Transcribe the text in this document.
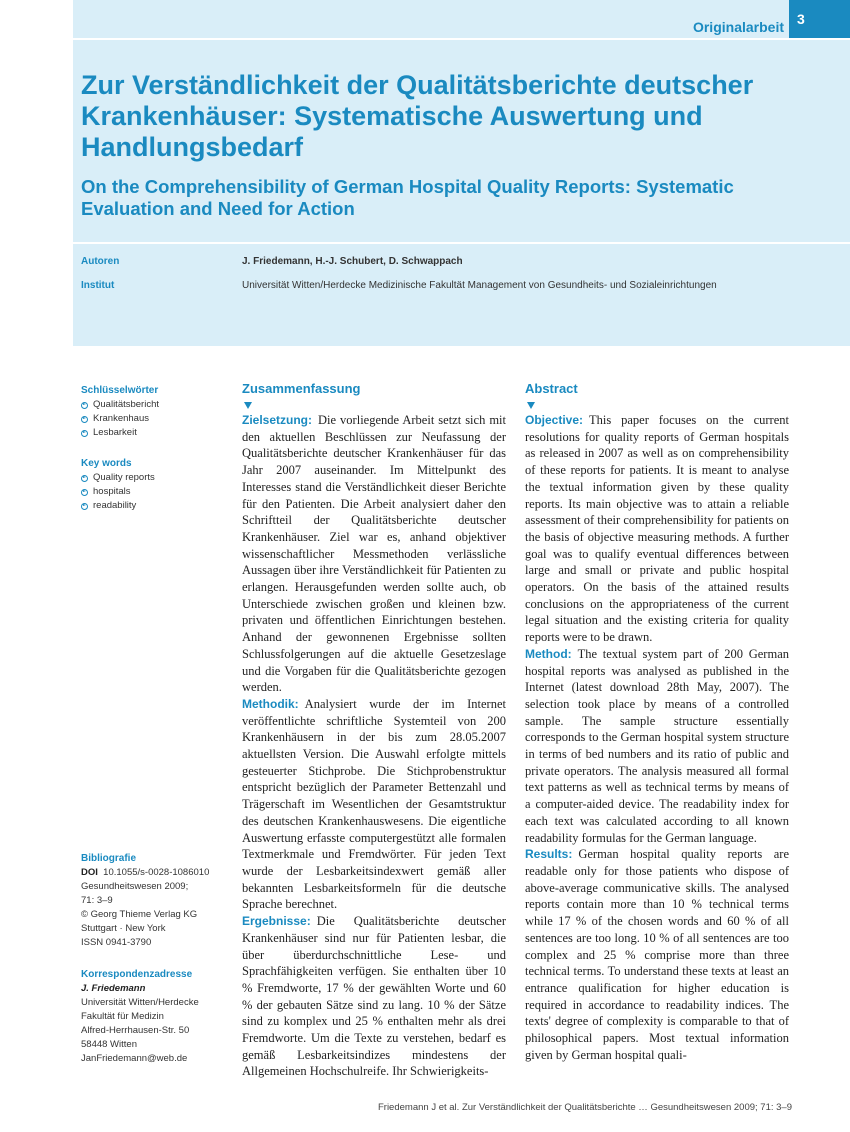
Originalarbeit 3
Zur Verständlichkeit der Qualitätsberichte deutscher Krankenhäuser: Systematische Auswertung und Handlungsbedarf
On the Comprehensibility of German Hospital Quality Reports: Systematic Evaluation and Need for Action
Autoren	J. Friedemann, H.-J. Schubert, D. Schwappach
Institut	Universität Witten/Herdecke Medizinische Fakultät Management von Gesundheits- und Sozialeinrichtungen
Schlüsselwörter
Qualitätsbericht
Krankenhaus
Lesbarkeit
Key words
Quality reports
hospitals
readability
Bibliografie
DOI 10.1055/s-0028-1086010
Gesundheitswesen 2009;
71: 3–9
© Georg Thieme Verlag KG
Stuttgart · New York
ISSN 0941-3790
Korrespondenzadresse
J. Friedemann
Universität Witten/Herdecke
Fakultät für Medizin
Alfred-Herrhausen-Str. 50
58448 Witten
JanFriedemann@web.de
Zusammenfassung

Zielsetzung: Die vorliegende Arbeit setzt sich mit den aktuellen Beschlüssen zur Neufassung der Qualitätsberichte deutscher Krankenhäuser für das Jahr 2007 auseinander. Im Mittelpunkt des Interesses stand die Verständlichkeit dieser Berichte für den Patienten. Die Arbeit analysiert daher den Schriftteil der Qualitätsberichte deutscher Krankenhäuser. Ziel war es, anhand objektiver wissenschaftlicher Messmethoden verlässliche Aussagen über ihre Verständlichkeit für Patienten zu erlangen. Herausgefunden werden sollte auch, ob Unterschiede zwischen großen und kleinen bzw. privaten und öffentlichen Einrichtungen bestehen. Anhand der gewonnenen Ergebnisse sollten Schlussfolgerungen auf die aktuelle Gesetzeslage und die Vorgaben für die Qualitätsberichte gezogen werden.

Methodik: Analysiert wurde der im Internet veröffentlichte schriftliche Systemteil von 200 Krankenhäusern in der bis zum 28.05.2007 aktuellsten Version. Die Auswahl erfolgte mittels gesteuerter Stichprobe. Die Stichprobenstruktur entspricht bezüglich der Parameter Bettenzahl und Trägerschaft im Wesentlichen der Gesamtstruktur des deutschen Krankenhauswesens. Die eigentliche Auswertung erfasste computergestützt alle formalen Textmerkmale und Fremdwörter. Für jeden Text wurde der Lesbarkeitsindexwert gemäß aller bekannten Lesbarkeitsformeln für die deutsche Sprache berechnet.

Ergebnisse: Die Qualitätsberichte deutscher Krankenhäuser sind nur für Patienten lesbar, die über überdurchschnittliche Lese- und Sprachfähigkeiten verfügen. Sie enthalten über 10 % Fremdworte, 17 % der gewählten Worte und 60 % der gebauten Sätze sind zu lang. 10 % der Sätze sind zu komplex und 25 % enthalten mehr als drei Fremdworte. Um die Texte zu verstehen, bedarf es gemäß Lesbarkeitsindizes mindestens der Allgemeinen Hochschulreife. Ihr Schwierigkeits-

Abstract

Objective: This paper focuses on the current resolutions for quality reports of German hospitals as released in 2007 as well as on comprehensibility of these reports for patients. It is meant to analyse the textual information given by these quality reports. Its main objective was to attain a reliable assessment of their comprehensibility for patients on the basis of objective measuring methods. A further goal was to qualify eventual differences between large and small or private and public hospital operators. On the basis of the attained results conclusions on the appropriateness of the current legal situation and the existing criteria for quality reports were to be drawn.

Method: The textual system part of 200 German hospital reports was analysed as published in the Internet (latest download 28th May, 2007). The selection took place by means of a controlled sample. The sample structure essentially corresponds to the German hospital system structure in terms of bed numbers and its ratio of public and private operators. The analysis measured all formal text patterns as well as technical terms by means of a computer-aided device. The readability index for each text was calculated according to all known readability formulas for the German language.

Results: German hospital quality reports are readable only for those patients who dispose of above-average communicative skills. The analysed reports contain more than 10 % technical terms while 17 % of the chosen words and 60 % of all sentences are too long. 10 % of all sentences are too complex and 25 % comprise more than three technical terms. To understand these texts at least an entrance qualification for higher education is required in accordance to readability indices. The texts' degree of complexity is comparable to that of philosophical papers. Most textual information given by German hospital quali-

Friedemann J et al. Zur Verständlichkeit der Qualitätsberichte … Gesundheitswesen 2009; 71: 3–9
